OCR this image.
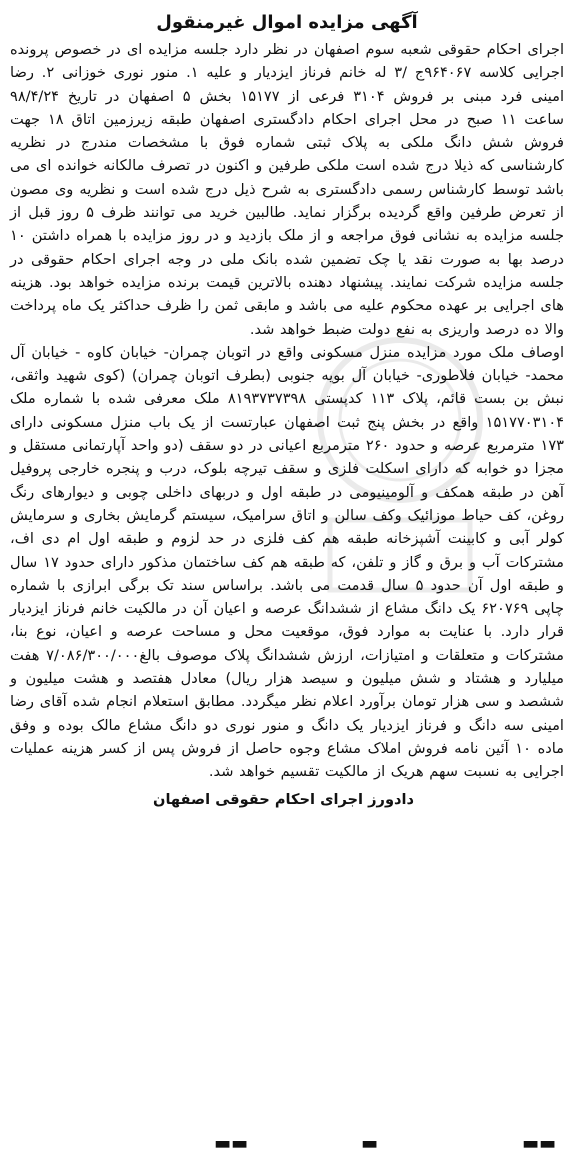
آگهی مزایده اموال غیرمنقول

اجرای احکام حقوقی شعبه سوم اصفهان در نظر دارد جلسه مزایده ای در خصوص پرونده اجرایی کلاسه ۹۶۴۰۶۷ج /۳ له خانم فرناز ایزدیار و علیه ۱. منور نوری خوزانی ۲. رضا امینی فرد مبنی بر فروش ۳۱۰۴ فرعی از ۱۵۱۷۷ بخش ۵ اصفهان در تاریخ ۹۸/۴/۲۴ ساعت ۱۱ صبح در محل اجرای احکام دادگستری اصفهان طبقه زیرزمین اتاق ۱۸ جهت فروش شش دانگ ملکی به پلاک ثبتی شماره فوق با مشخصات مندرج در نظریه کارشناسی که ذیلا درج شده است ملکی طرفین و اکنون در تصرف مالکانه خوانده ای می باشد توسط کارشناس رسمی دادگستری به شرح ذیل درج شده است و نظریه وی مصون از تعرض طرفین واقع گردیده برگزار نماید. طالبین خرید می توانند ظرف ۵ روز قبل از جلسه مزایده به نشانی فوق مراجعه و از ملک بازدید و در روز مزایده با همراه داشتن ۱۰ درصد بها به صورت نقد یا چک تضمین شده بانک ملی در وجه اجرای احکام حقوقی در جلسه مزایده شرکت نمایند. پیشنهاد دهنده بالاترین قیمت برنده مزایده خواهد بود. هزینه های اجرایی بر عهده محکوم علیه می باشد و مابقی ثمن را ظرف حداکثر یک ماه پرداخت والا ده درصد واریزی به نفع دولت ضبط خواهد شد.

اوصاف ملک مورد مزایده منزل مسکونی واقع در اتوبان چمران- خیابان کاوه - خیابان آل محمد- خیابان فلاطوری- خیابان آل بویه جنوبی (بطرف اتوبان چمران) (کوی شهید واثقی، نبش بن بست قائم، پلاک ۱۱۳ کدپستی ۸۱۹۳۷۳۷۳۹۸ ملک معرفی شده با شماره ملک ۱۵۱۷۷۰۳۱۰۴ واقع در بخش پنج ثبت اصفهان عبارتست از یک باب منزل مسکونی دارای ۱۷۳ مترمربع عرصه و حدود ۲۶۰ مترمربع اعیانی در دو سقف (دو واحد آپارتمانی مستقل و مجزا دو خوابه که دارای اسکلت فلزی و سقف تیرچه بلوک، درب و پنجره خارجی پروفیل آهن در طبقه همکف و آلومینیومی در طبقه اول و دربهای داخلی چوبی و دیوارهای رنگ روغن، کف حیاط موزائیک وکف سالن و اتاق سرامیک، سیستم گرمایش بخاری و سرمایش کولر آبی و کابینت آشپزخانه طبقه هم کف فلزی در حد لزوم و طبقه اول ام دی اف، مشترکات آب و برق و گاز و تلفن، که طبقه هم کف ساختمان مذکور دارای حدود ۱۷ سال و طبقه اول آن حدود ۵ سال قدمت می باشد. براساس سند تک برگی ابرازی با شماره چاپی ۶۲۰۷۶۹ یک دانگ مشاع از ششدانگ عرصه و اعیان آن در مالکیت خانم فرناز ایزدیار قرار دارد. با عنایت به موارد فوق، موقعیت محل و مساحت عرصه و اعیان، نوع بنا، مشترکات و متعلقات و امتیازات، ارزش ششدانگ پلاک موصوف بالغ۷/۰۸۶/۳۰۰/۰۰۰ هفت میلیارد و هشتاد و شش میلیون و سیصد هزار ریال) معادل هفتصد و هشت میلیون و ششصد و سی هزار تومان برآورد اعلام نظر میگردد. مطابق استعلام انجام شده آقای رضا امینی سه دانگ و فرناز ایزدیار یک دانگ و منور نوری دو دانگ مشاع مالک بوده و وفق ماده ۱۰ آئین نامه فروش املاک مشاع وجوه حاصل از فروش پس از کسر هزینه عملیات اجرایی به نسبت سهم هریک از مالکیت تقسیم خواهد شد.

دادورز اجرای احکام حقوقی اصفهان
▬▬
▬
▬▬
